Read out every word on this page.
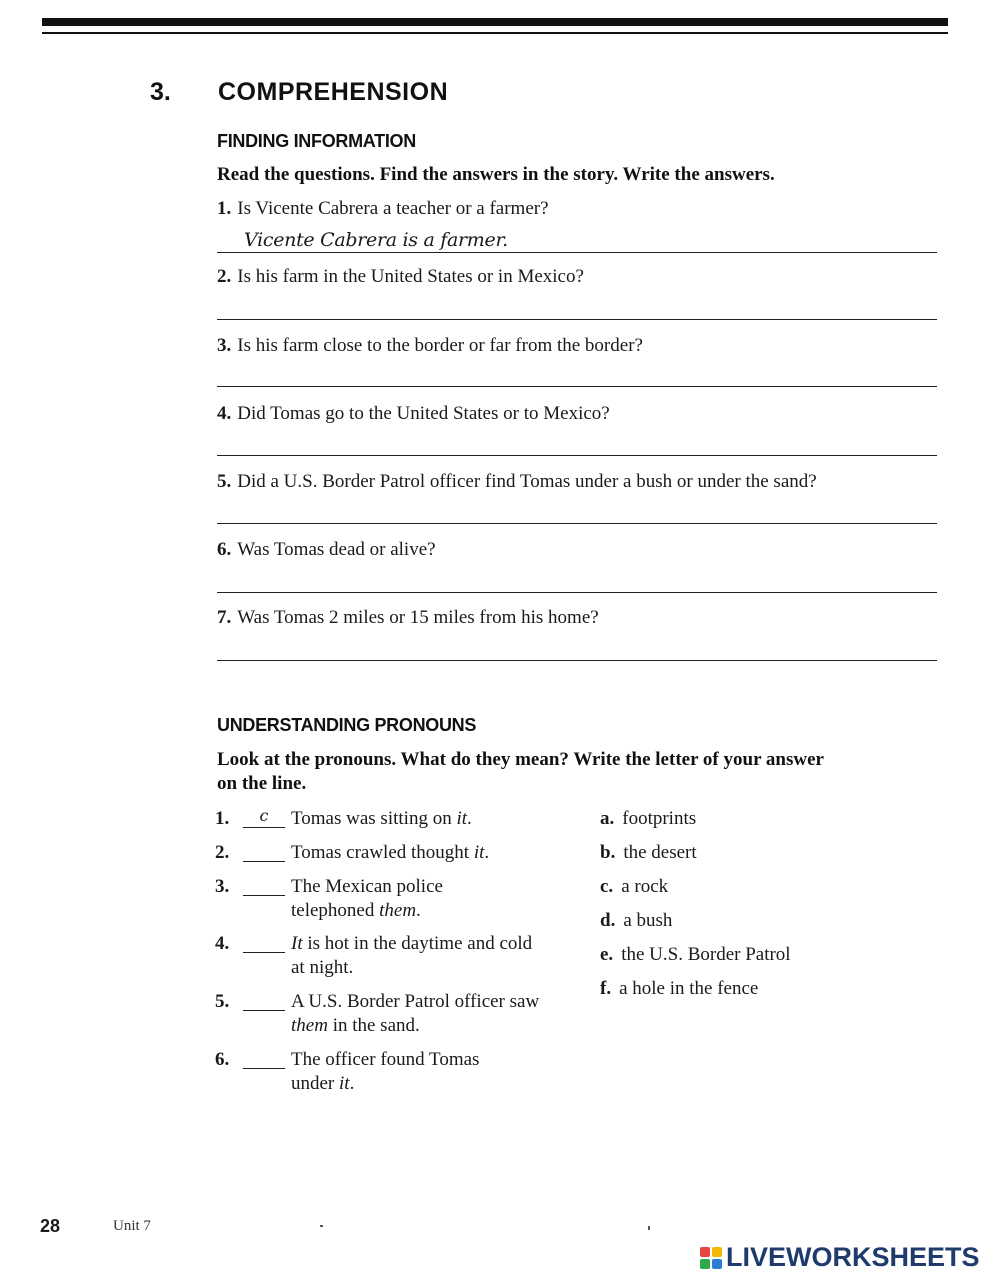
3. COMPREHENSION
FINDING INFORMATION
Read the questions. Find the answers in the story. Write the answers.
1. Is Vicente Cabrera a teacher or a farmer?
Vicente Cabrera is a farmer.
2. Is his farm in the United States or in Mexico?
3. Is his farm close to the border or far from the border?
4. Did Tomas go to the United States or to Mexico?
5. Did a U.S. Border Patrol officer find Tomas under a bush or under the sand?
6. Was Tomas dead or alive?
7. Was Tomas 2 miles or 15 miles from his home?
UNDERSTANDING PRONOUNS
Look at the pronouns. What do they mean? Write the letter of your answer
on the line.
1.	c	Tomas was sitting on it.
2.	Tomas crawled thought it.
3.	The Mexican police telephoned them.
4.	It is hot in the daytime and cold at night.
5.	A U.S. Border Patrol officer saw them in the sand.
6.	The officer found Tomas under it.
a. footprints
b. the desert
c. a rock
d. a bush
e. the U.S. Border Patrol
f. a hole in the fence
28	Unit 7
LIVEWORKSHEETS
